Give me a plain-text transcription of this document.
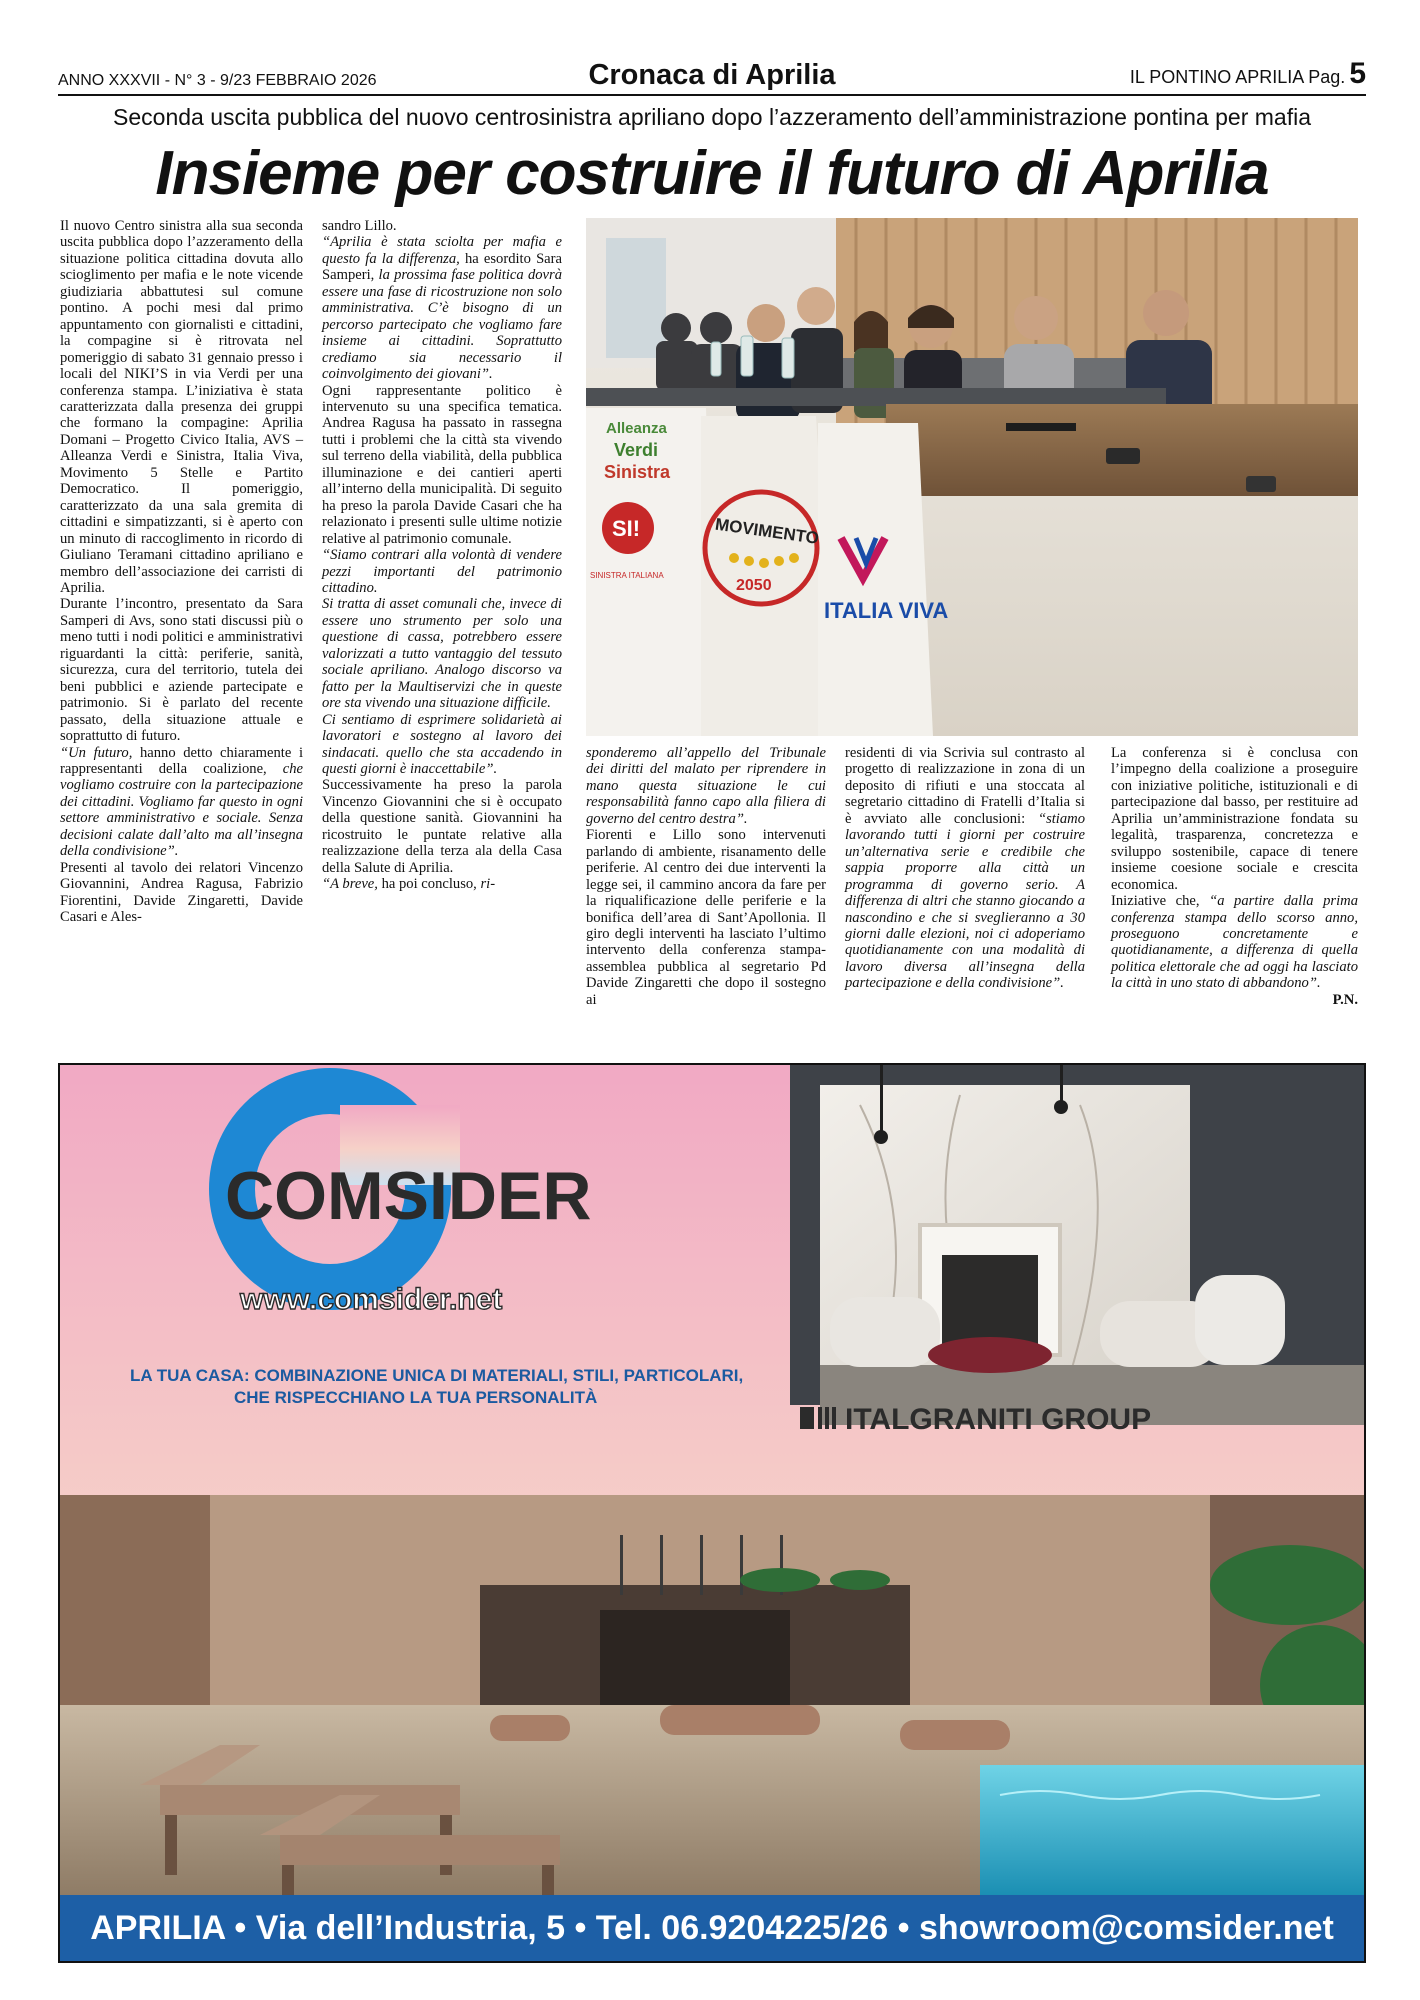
ANNO XXXVII - N° 3 - 9/23 FEBBRAIO 2026	Cronaca di Aprilia	IL PONTINO APRILIA Pag. 5
Seconda uscita pubblica del nuovo centrosinistra apriliano dopo l’azzeramento dell’amministrazione pontina per mafia
Insieme per costruire il futuro di Aprilia

Il nuovo Centro sinistra alla sua seconda uscita pubblica dopo l’azzeramento della situazione politica cittadina dovuta allo scioglimento per mafia e le note vicende giudiziaria abbattutesi sul comune pontino. A pochi mesi dal primo appuntamento con giornalisti e cittadini, la compagine si è ritrovata nel pomeriggio di sabato 31 gennaio presso i locali del NIKI’S in via Verdi per una conferenza stampa. L’iniziativa è stata caratterizzata dalla presenza dei gruppi che formano la compagine: Aprilia Domani – Progetto Civico Italia, AVS – Alleanza Verdi e Sinistra, Italia Viva, Movimento 5 Stelle e Partito Democratico. Il pomeriggio, caratterizzato da una sala gremita di cittadini e simpatizzanti, si è aperto con un minuto di raccoglimento in ricordo di Giuliano Teramani cittadino apriliano e membro dell’associazione dei carristi di Aprilia.

Durante l’incontro, presentato da Sara Samperi di Avs, sono stati discussi più o meno tutti i nodi politici e amministrativi riguardanti la città: periferie, sanità, sicurezza, cura del territorio, tutela dei beni pubblici e aziende partecipate e patrimonio. Si è parlato del recente passato, della situazione attuale e soprattutto di futuro.

“Un futuro, hanno detto chiaramente i rappresentanti della coalizione, che vogliamo costruire con la partecipazione dei cittadini. Vogliamo far questo in ogni settore amministrativo e sociale. Senza decisioni calate dall’alto ma all’insegna della condivisione”.

Presenti al tavolo dei relatori Vincenzo Giovannini, Andrea Ragusa, Fabrizio Fiorentini, Davide Zingaretti, Davide Casari e Ales-

sandro Lillo.

“Aprilia è stata sciolta per mafia e questo fa la differenza, ha esordito Sara Samperi, la prossima fase politica dovrà essere una fase di ricostruzione non solo amministrativa. C’è bisogno di un percorso partecipato che vogliamo fare insieme ai cittadini. Soprattutto crediamo sia necessario il coinvolgimento dei giovani”.

Ogni rappresentante politico è intervenuto su una specifica tematica. Andrea Ragusa ha passato in rassegna tutti i problemi che la città sta vivendo sul terreno della viabilità, della pubblica illuminazione e dei cantieri aperti all’interno della municipalità. Di seguito ha preso la parola Davide Casari che ha relazionato i presenti sulle ultime notizie relative al patrimonio comunale.

“Siamo contrari alla volontà di vendere pezzi importanti del patrimonio cittadino.

Si tratta di asset comunali che, invece di essere uno strumento per solo una questione di cassa, potrebbero essere valorizzati a tutto vantaggio del tessuto sociale apriliano. Analogo discorso va fatto per la Maultiservizi che in queste ore sta vivendo una situazione difficile.

Ci sentiamo di esprimere solidarietà ai lavoratori e sostegno al lavoro dei sindacati. quello che sta accadendo in questi giorni è inaccettabile”.

Successivamente ha preso la parola Vincenzo Giovannini che si è occupato della questione sanità. Giovannini ha ricostruito le puntate relative alla realizzazione della terza ala della Casa della Salute di Aprilia.

“A breve, ha poi concluso, ri-

Alleanza
Verdi
Sinistra
SI!
SINISTRA ITALIANA
MOVIMENTO
2050
ITALIA VIVA

sponderemo all’appello del Tribunale dei diritti del malato per riprendere in mano questa situazione le cui responsabilità fanno capo alla filiera di governo del centro destra”.

Fiorenti e Lillo sono intervenuti parlando di ambiente, risanamento delle periferie. Al centro dei due interventi la legge sei, il cammino ancora da fare per la riqualificazione delle periferie e la bonifica dell’area di Sant’Apollonia. Il giro degli interventi ha lasciato l’ultimo intervento della conferenza stampa-assemblea pubblica al segretario Pd Davide Zingaretti che dopo il sostegno ai

residenti di via Scrivia sul contrasto al progetto di realizzazione in zona di un deposito di rifiuti e una stoccata al segretario cittadino di Fratelli d’Italia si è avviato alle conclusioni: “stiamo lavorando tutti i giorni per costruire un’alternativa serie e credibile che sappia proporre alla città un programma di governo serio. A differenza di altri che stanno giocando a nascondino e che si sveglieranno a 30 giorni dalle elezioni, noi ci adoperiamo quotidianamente con una modalità di lavoro diversa all’insegna della partecipazione e della condivisione”.

La conferenza si è conclusa con l’impegno della coalizione a proseguire con iniziative politiche, istituzionali e di partecipazione dal basso, per restituire ad Aprilia un’amministrazione fondata su legalità, trasparenza, concretezza e sviluppo sostenibile, capace di tenere insieme coesione sociale e crescita economica.

Iniziative che, “a partire dalla prima conferenza stampa dello scorso anno, proseguono concretamente e quotidianamente, a differenza di quella politica elettorale che ad oggi ha lasciato la città in uno stato di abbandono”.

P.N.

COMSIDER
www.comsider.net
LA TUA CASA: COMBINAZIONE UNICA DI MATERIALI, STILI, PARTICOLARI,
CHE RISPECCHIANO LA TUA PERSONALITÀ
ITALGRANITI GROUP
APRILIA • Via dell’Industria, 5 • Tel. 06.9204225/26 • showroom@comsider.net
